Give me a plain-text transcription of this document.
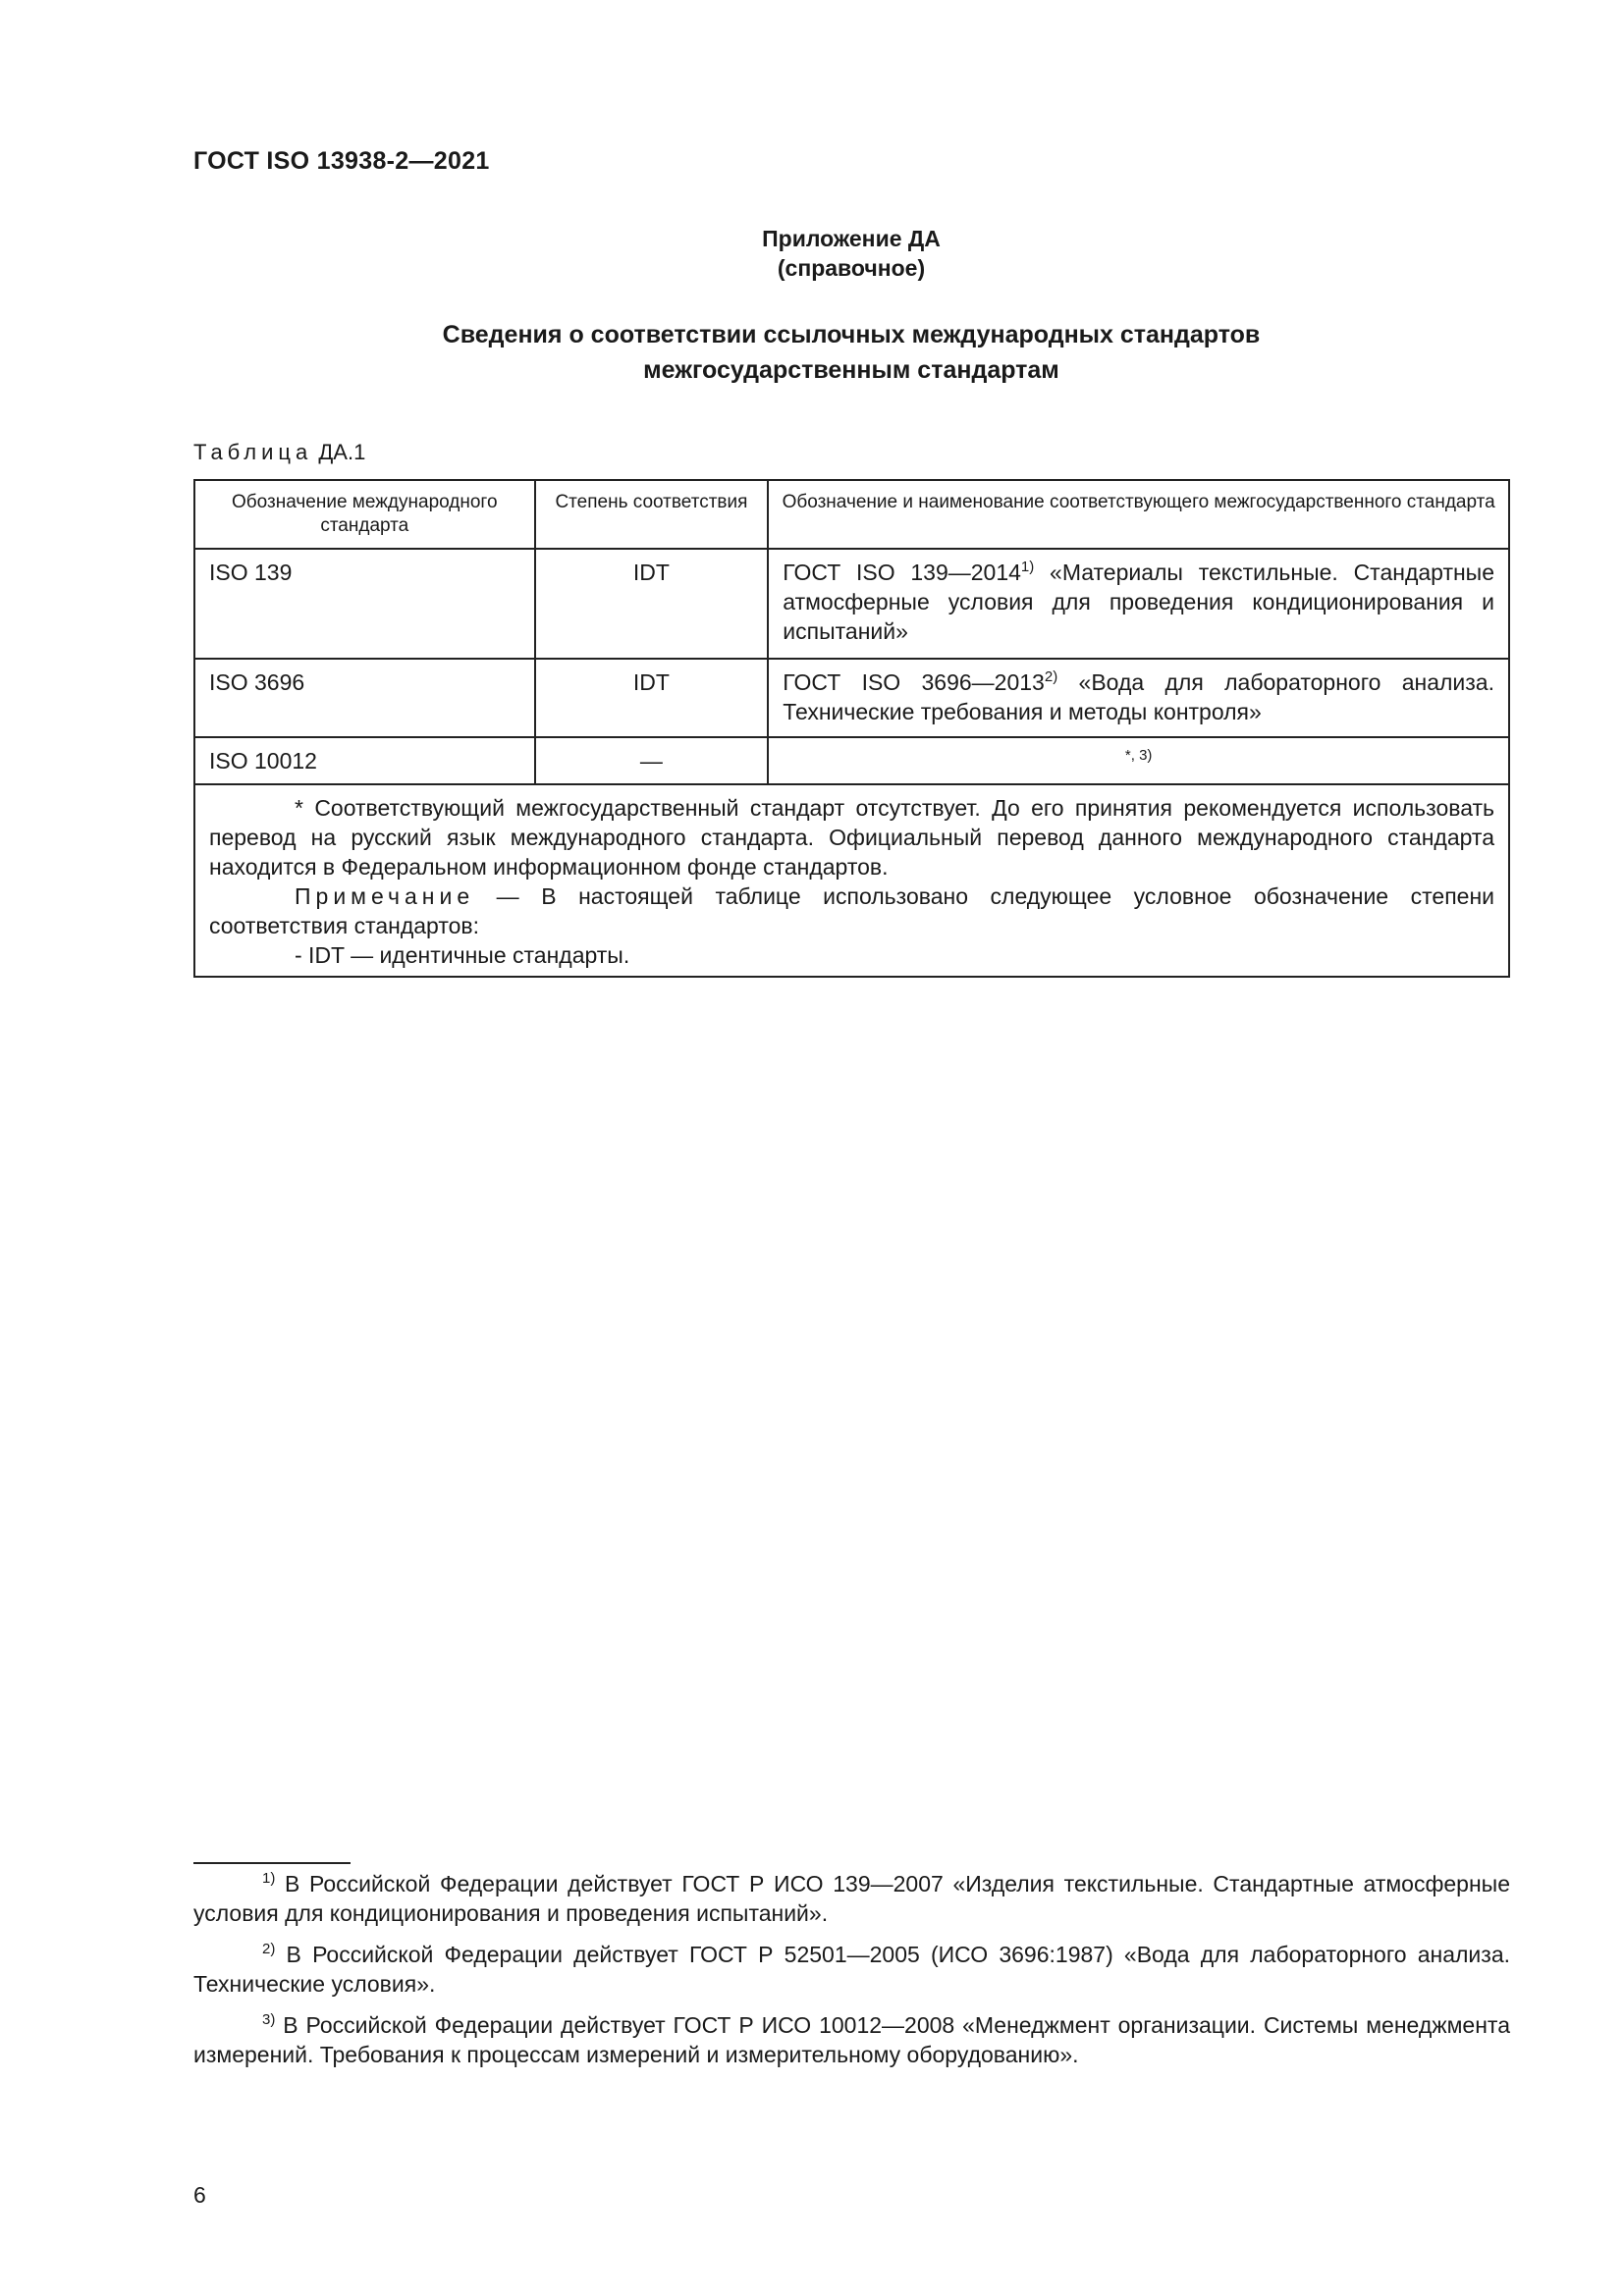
ГОСТ ISO 13938-2—2021
Приложение ДА
(справочное)
Сведения о соответствии ссылочных международных стандартов
межгосударственным стандартам
Таблица ДА.1
Обозначение международного стандарта	Степень соответствия	Обозначение и наименование соответствующего межгосударственного стандарта
ISO 139	IDT	ГОСТ ISO 139—2014$^{1)}$ «Материалы текстильные. Стандартные атмосферные условия для проведения кондиционирования и испытаний»
ISO 3696	IDT	ГОСТ ISO 3696—2013$^{2)}$ «Вода для лабораторного анализа. Технические требования и методы контроля»
ISO 10012	—	$^{*, 3)}$

* Соответствующий межгосударственный стандарт отсутствует. До его принятия рекомендуется использовать перевод на русский язык международного стандарта. Официальный перевод данного международного стандарта находится в Федеральном информационном фонде стандартов.
Примечание — В настоящей таблице использовано следующее условное обозначение степени соответствия стандартов:
- IDT — идентичные стандарты.		

$^{1)}$ В Российской Федерации действует ГОСТ Р ИСО 139—2007 «Изделия текстильные. Стандартные атмосферные условия для кондиционирования и проведения испытаний».

$^{2)}$ В Российской Федерации действует ГОСТ Р 52501—2005 (ИСО 3696:1987) «Вода для лабораторного анализа. Технические условия».

$^{3)}$ В Российской Федерации действует ГОСТ Р ИСО 10012—2008 «Менеджмент организации. Системы менеджмента измерений. Требования к процессам измерений и измерительному оборудованию».

6
